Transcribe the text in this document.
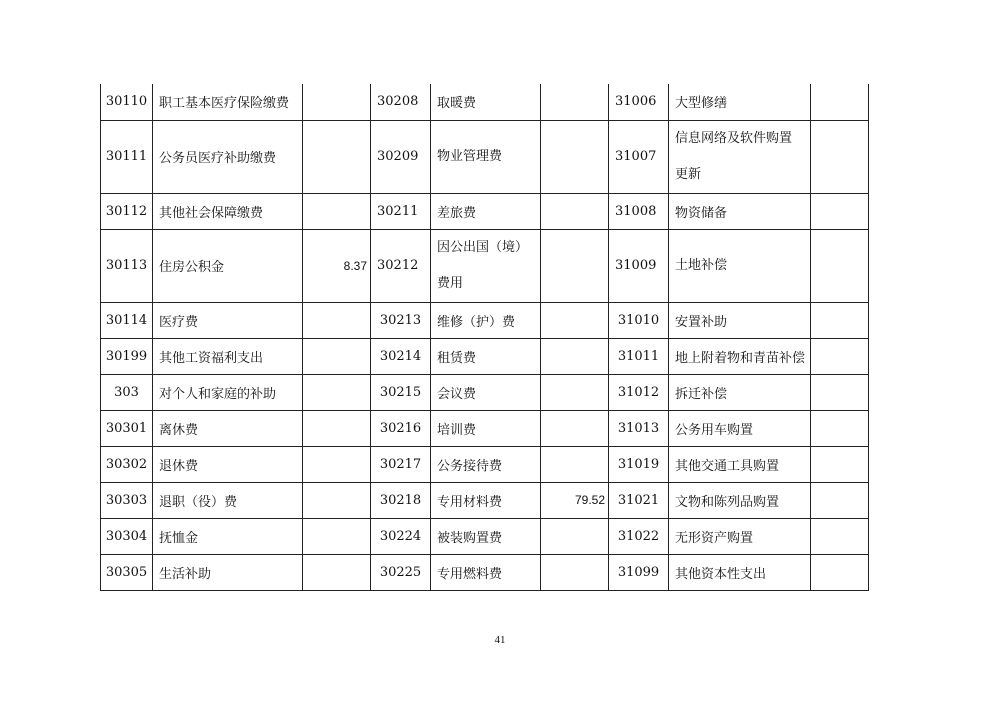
30110	职工基本医疗保险缴费		30208	取暖费		31006	大型修缮	
30111	公务员医疗补助缴费		30209	物业管理费		31007	信息网络及软件购置更新	
30112	其他社会保障缴费		30211	差旅费		31008	物资储备	
30113	住房公积金	8.37	30212	因公出国（境）费用		31009	土地补偿	
30114	医疗费		30213	维修（护）费		31010	安置补助	
30199	其他工资福利支出		30214	租赁费		31011	地上附着物和青苗补偿	
303	对个人和家庭的补助		30215	会议费		31012	拆迁补偿	
30301	离休费		30216	培训费		31013	公务用车购置	
30302	退休费		30217	公务接待费		31019	其他交通工具购置	
30303	退职（役）费		30218	专用材料费	79.52	31021	文物和陈列品购置	
30304	抚恤金		30224	被装购置费		31022	无形资产购置	
30305	生活补助		30225	专用燃料费		31099	其他资本性支出	
41
